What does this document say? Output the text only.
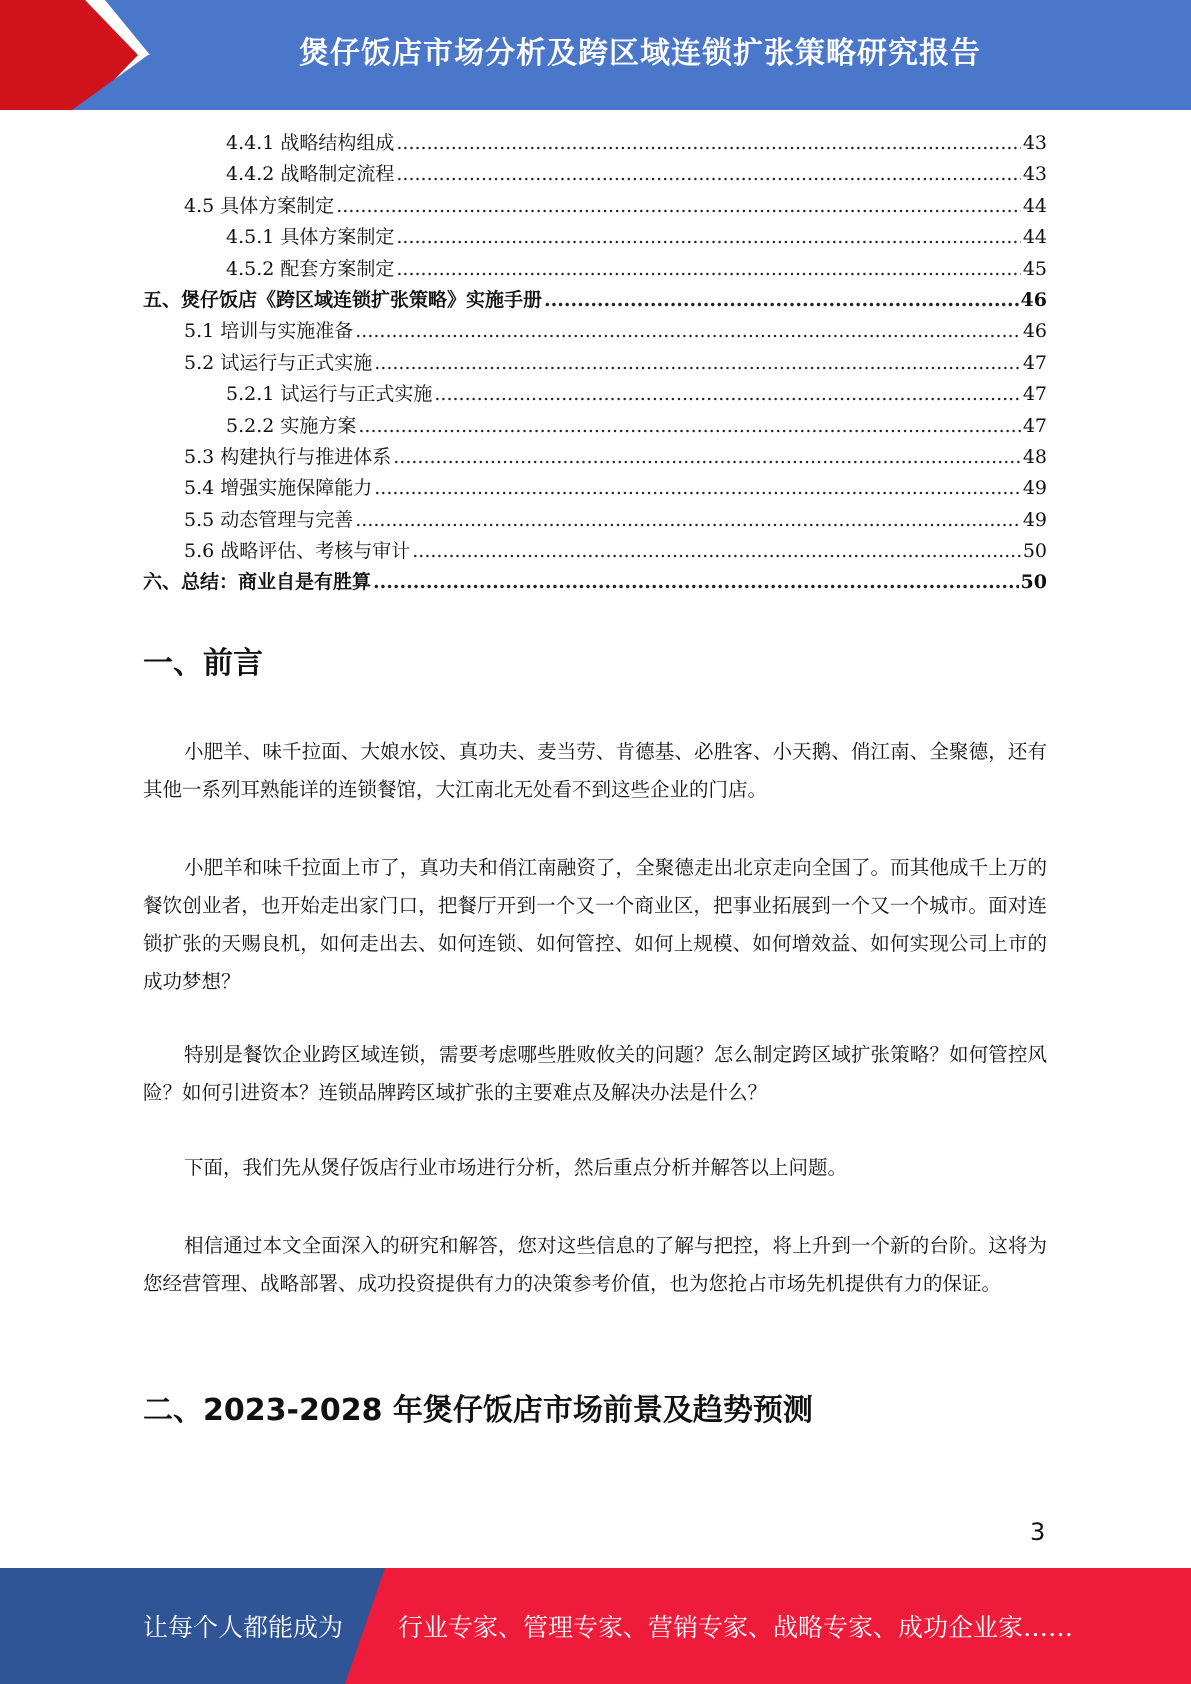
煲仔饭店市场分析及跨区域连锁扩张策略研究报告
4.4.1 战略结构组成 .....	43
4.4.2 战略制定流程 .....	43
4.5 具体方案制定 .....	44
4.5.1 具体方案制定 .....	44
4.5.2 配套方案制定 .....	45
五、煲仔饭店《跨区域连锁扩张策略》实施手册 .....	46
5.1 培训与实施准备 .....	46
5.2 试运行与正式实施 .....	47
5.2.1 试运行与正式实施 .....	47
5.2.2 实施方案 .....	47
5.3 构建执行与推进体系 .....	48
5.4 增强实施保障能力 .....	49
5.5 动态管理与完善 .....	49
5.6 战略评估、考核与审计 .....	50
六、总结：商业自是有胜算 .....	50
一、前言
小肥羊、味千拉面、大娘水饺、真功夫、麦当劳、肯德基、必胜客、小天鹅、俏江南、全聚德，还有其他一系列耳熟能详的连锁餐馆，大江南北无处看不到这些企业的门店。
小肥羊和味千拉面上市了，真功夫和俏江南融资了，全聚德走出北京走向全国了。而其他成千上万的餐饮创业者，也开始走出家门口，把餐厅开到一个又一个商业区，把事业拓展到一个又一个城市。面对连锁扩张的天赐良机，如何走出去、如何连锁、如何管控、如何上规模、如何增效益、如何实现公司上市的成功梦想？
特别是餐饮企业跨区域连锁，需要考虑哪些胜败攸关的问题？怎么制定跨区域扩张策略？如何管控风险？如何引进资本？连锁品牌跨区域扩张的主要难点及解决办法是什么？
下面，我们先从煲仔饭店行业市场进行分析，然后重点分析并解答以上问题。
相信通过本文全面深入的研究和解答，您对这些信息的了解与把控，将上升到一个新的台阶。这将为您经营管理、战略部署、成功投资提供有力的决策参考价值，也为您抢占市场先机提供有力的保证。
二、2023-2028 年煲仔饭店市场前景及趋势预测
3
让每个人都能成为 行业专家、管理专家、营销专家、战略专家、成功企业家……
